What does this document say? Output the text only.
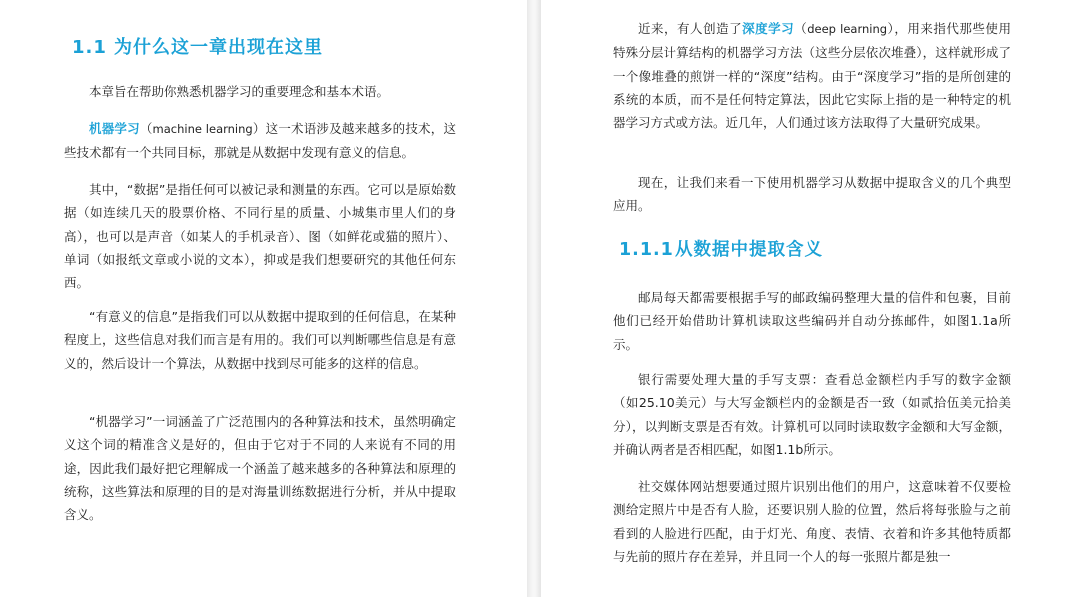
1.1 为什么这一章出现在这里

本章旨在帮助你熟悉机器学习的重要理念和基本术语。

机器学习（machine learning）这一术语涉及越来越多的技术，这些技术都有一个共同目标，那就是从数据中发现有意义的信息。

其中，“数据”是指任何可以被记录和测量的东西。它可以是原始数据（如连续几天的股票价格、不同行星的质量、小城集市里人们的身高），也可以是声音（如某人的手机录音）、图（如鲜花或猫的照片）、单词（如报纸文章或小说的文本），抑或是我们想要研究的其他任何东西。

“有意义的信息”是指我们可以从数据中提取到的任何信息，在某种程度上，这些信息对我们而言是有用的。我们可以判断哪些信息是有意义的，然后设计一个算法，从数据中找到尽可能多的这样的信息。

“机器学习”一词涵盖了广泛范围内的各种算法和技术，虽然明确定义这个词的精准含义是好的，但由于它对于不同的人来说有不同的用途，因此我们最好把它理解成一个涵盖了越来越多的各种算法和原理的统称，这些算法和原理的目的是对海量训练数据进行分析，并从中提取含义。

近来，有人创造了深度学习（deep learning），用来指代那些使用特殊分层计算结构的机器学习方法（这些分层依次堆叠），这样就形成了一个像堆叠的煎饼一样的“深度”结构。由于“深度学习”指的是所创建的系统的本质，而不是任何特定算法，因此它实际上指的是一种特定的机器学习方式或方法。近几年，人们通过该方法取得了大量研究成果。

现在，让我们来看一下使用机器学习从数据中提取含义的几个典型应用。

1.1.1从数据中提取含义

邮局每天都需要根据手写的邮政编码整理大量的信件和包裹，目前他们已经开始借助计算机读取这些编码并自动分拣邮件，如图1.1a所示。

银行需要处理大量的手写支票：查看总金额栏内手写的数字金额（如25.10美元）与大写金额栏内的金额是否一致（如贰拾伍美元拾美分），以判断支票是否有效。计算机可以同时读取数字金额和大写金额，并确认两者是否相匹配，如图1.1b所示。

社交媒体网站想要通过照片识别出他们的用户，这意味着不仅要检测给定照片中是否有人脸，还要识别人脸的位置，然后将每张脸与之前看到的人脸进行匹配，由于灯光、角度、表情、衣着和许多其他特质都与先前的照片存在差异，并且同一个人的每一张照片都是独一
